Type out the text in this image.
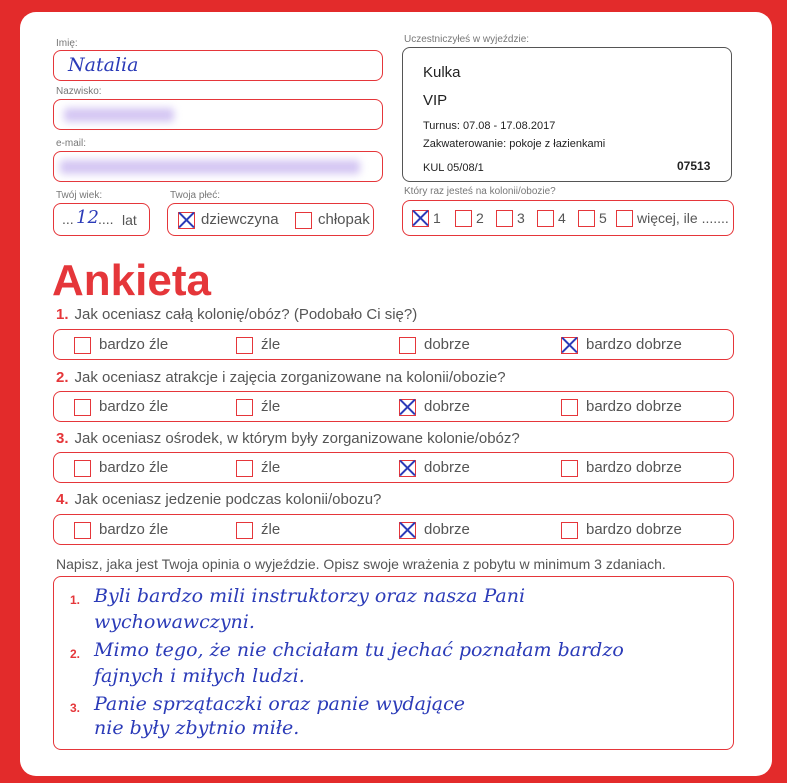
Imię:
Natalia
Nazwisko:
e-mail:
Twój wiek:
... 12 .... lat
Twoja płeć:
dziewczyna	chłopak
Uczestniczyłeś w wyjeździe:
Kulka
VIP
Turnus: 07.08 - 17.08.2017
Zakwaterowanie: pokoje z łazienkami
KUL 05/08/1	07513
Który raz jesteś na kolonii/obozie?
1	2 3 4 5 więcej, ile .......
Ankieta
1. Jak oceniasz całą kolonię/obóz? (Podobało Ci się?)
bardzo źle	źle	dobrze	bardzo dobrze
2. Jak oceniasz atrakcje i zajęcia zorganizowane na kolonii/obozie?
bardzo źle	źle	dobrze	bardzo dobrze
3. Jak oceniasz ośrodek, w którym były zorganizowane kolonie/obóz?
bardzo źle	źle	dobrze	bardzo dobrze
4. Jak oceniasz jedzenie podczas kolonii/obozu?
bardzo źle	źle	dobrze	bardzo dobrze
Napisz, jaka jest Twoja opinia o wyjeździe. Opisz swoje wrażenia z pobytu w minimum 3 zdaniach.
1. Byli bardzo mili instruktorzy oraz nasza Pani
wychowawczyni.
2. Mimo tego, że nie chciałam tu jechać poznałam bardzo
fajnych i miłych ludzi.
3. Panie sprzątaczki oraz panie wydające
nie były zbytnio miłe.
